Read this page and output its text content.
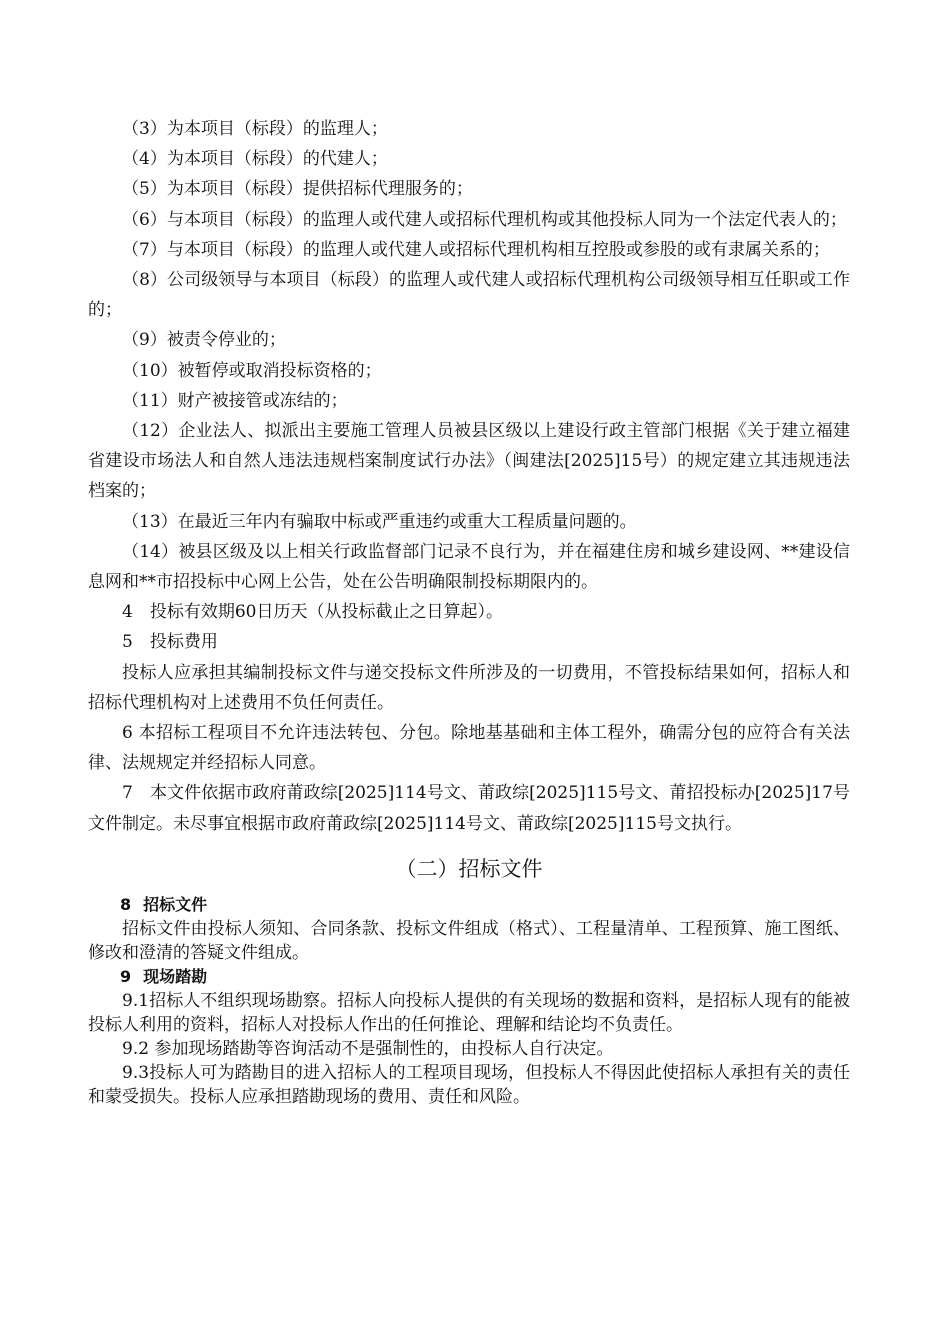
（3）为本项目（标段）的监理人；

（4）为本项目（标段）的代建人；

（5）为本项目（标段）提供招标代理服务的；

（6）与本项目（标段）的监理人或代建人或招标代理机构或其他投标人同为一个法定代表人的；

（7）与本项目（标段）的监理人或代建人或招标代理机构相互控股或参股的或有隶属关系的；

（8）公司级领导与本项目（标段）的监理人或代建人或招标代理机构公司级领导相互任职或工作的；

（9）被责令停业的；

（10）被暂停或取消投标资格的；

（11）财产被接管或冻结的；

（12）企业法人、拟派出主要施工管理人员被县区级以上建设行政主管部门根据《关于建立福建省建设市场法人和自然人违法违规档案制度试行办法》（闽建法[2025]15号）的规定建立其违规违法档案的；

（13）在最近三年内有骗取中标或严重违约或重大工程质量问题的。

（14）被县区级及以上相关行政监督部门记录不良行为，并在福建住房和城乡建设网、**建设信息网和**市招投标中心网上公告，处在公告明确限制投标期限内的。

4　投标有效期60日历天（从投标截止之日算起）。

5　投标费用

投标人应承担其编制投标文件与递交投标文件所涉及的一切费用，不管投标结果如何，招标人和招标代理机构对上述费用不负任何责任。

6 本招标工程项目不允许违法转包、分包。除地基基础和主体工程外，确需分包的应符合有关法律、法规规定并经招标人同意。

7　本文件依据市政府莆政综[2025]114号文、莆政综[2025]115号文、莆招投标办[2025]17号文件制定。未尽事宜根据市政府莆政综[2025]114号文、莆政综[2025]115号文执行。

（二）招标文件

8 招标文件

招标文件由投标人须知、合同条款、投标文件组成（格式）、工程量清单、工程预算、施工图纸、修改和澄清的答疑文件组成。

9 现场踏勘

9.1招标人不组织现场勘察。招标人向投标人提供的有关现场的数据和资料，是招标人现有的能被投标人利用的资料，招标人对投标人作出的任何推论、理解和结论均不负责任。

9.2 参加现场踏勘等咨询活动不是强制性的，由投标人自行决定。

9.3投标人可为踏勘目的进入招标人的工程项目现场，但投标人不得因此使招标人承担有关的责任和蒙受损失。投标人应承担踏勘现场的费用、责任和风险。
